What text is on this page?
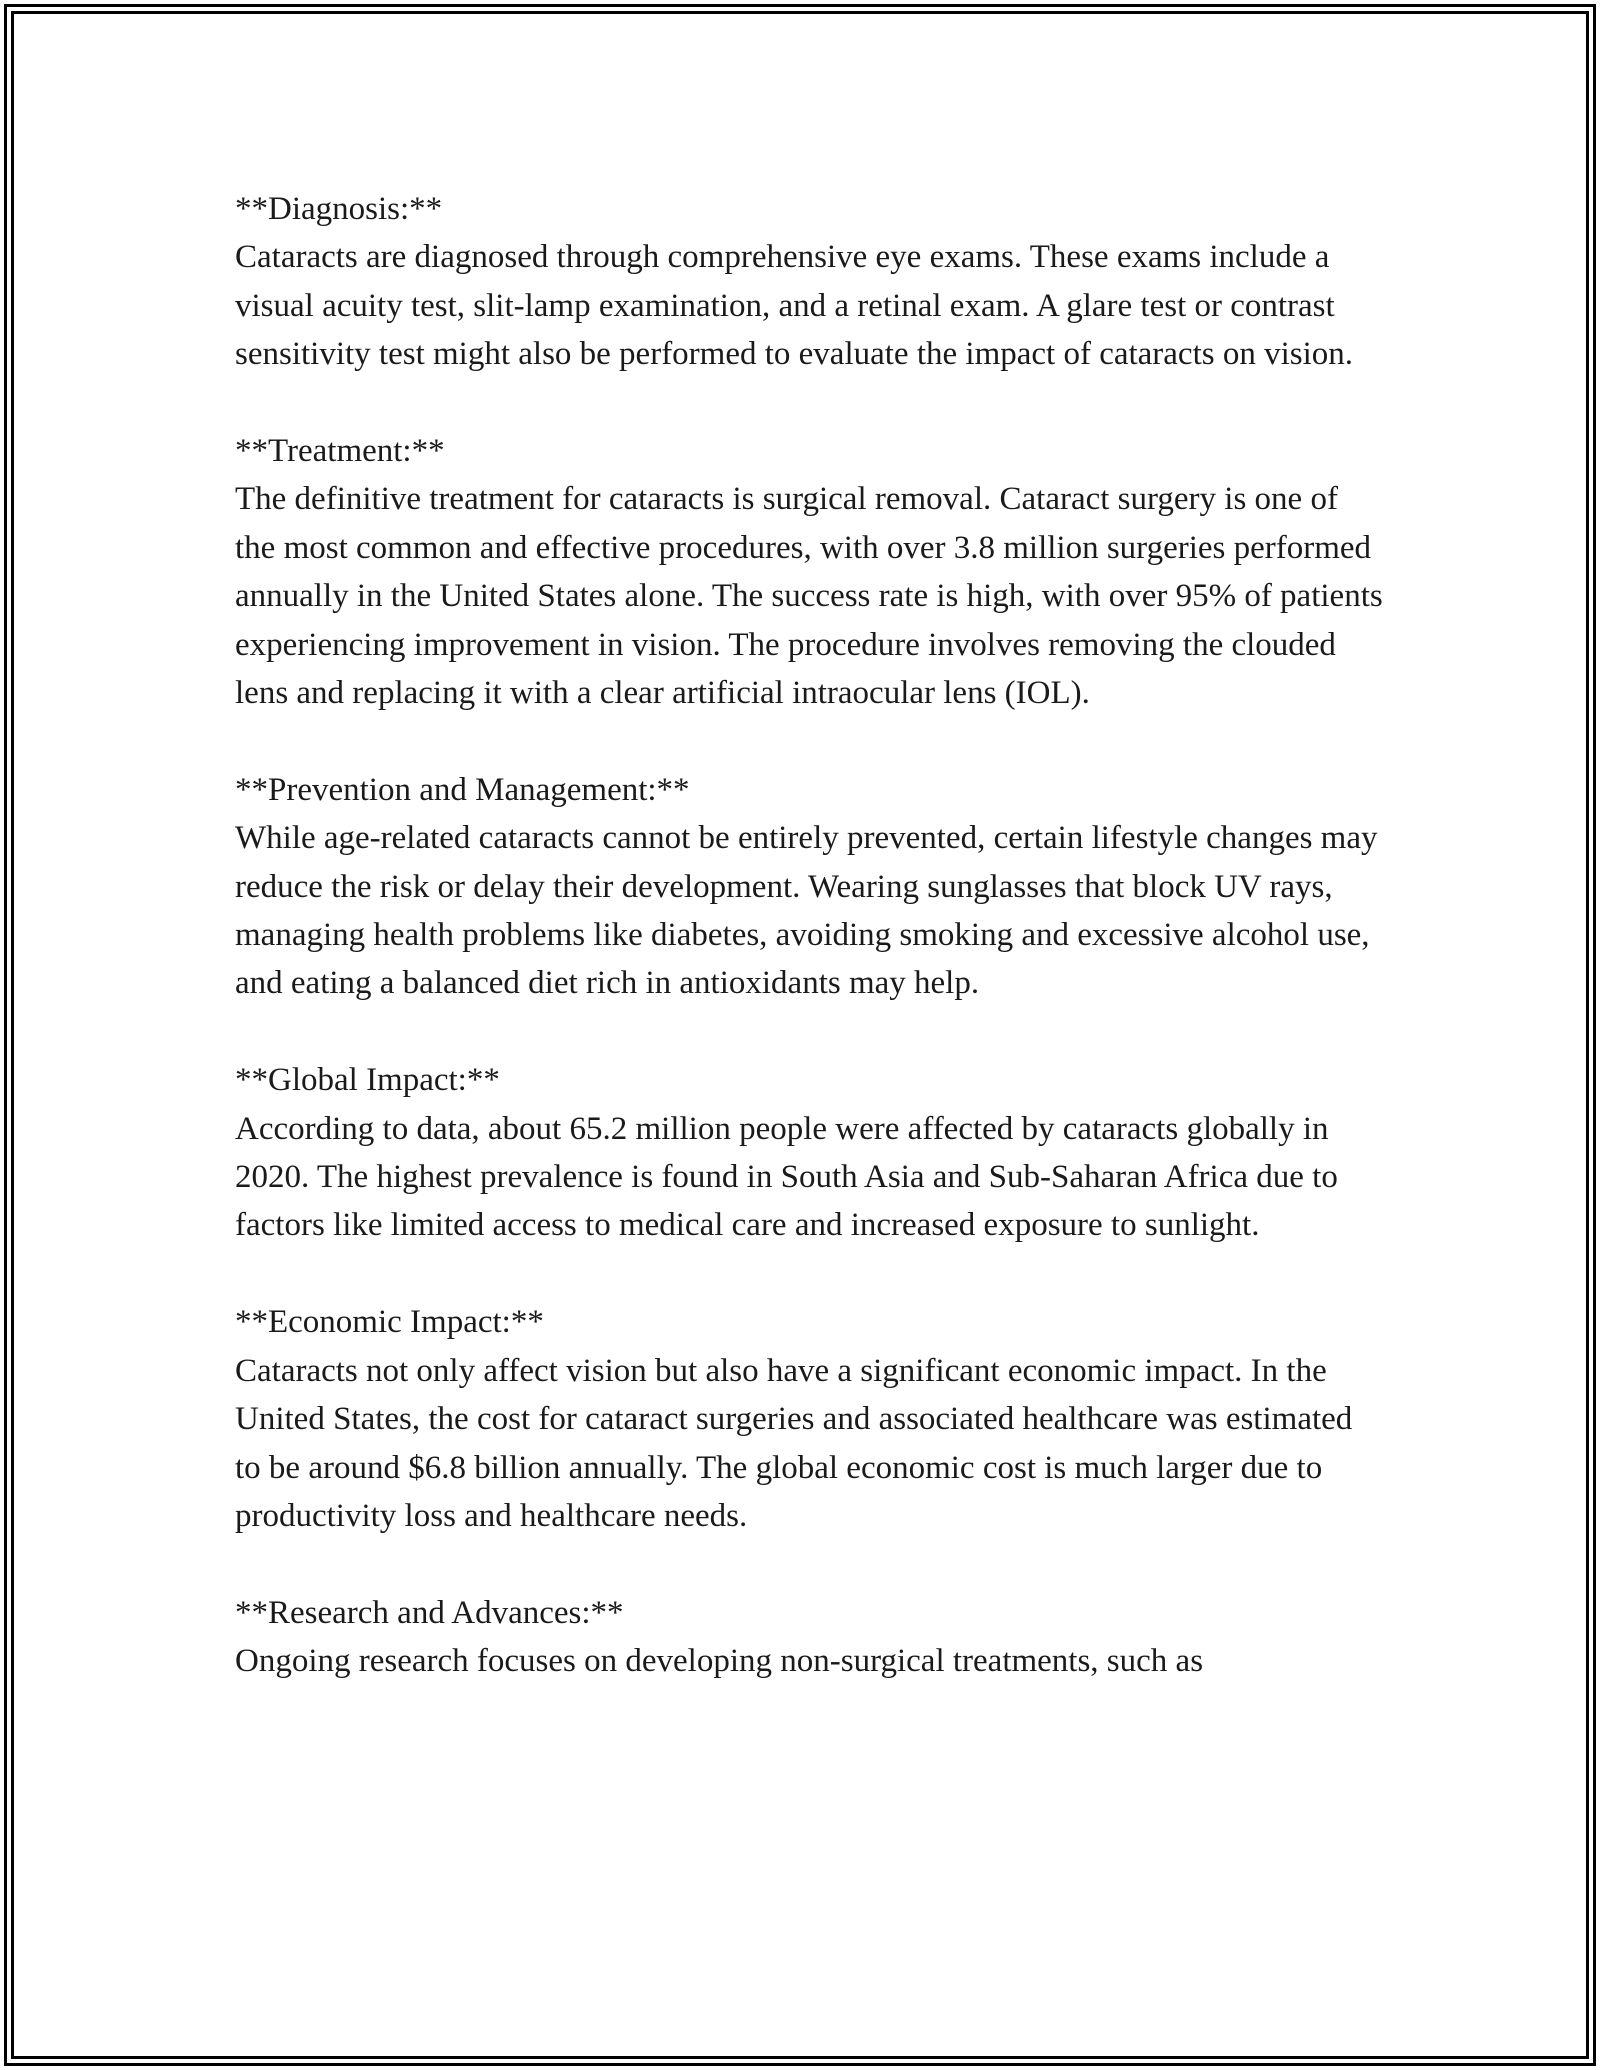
**Diagnosis:**

Cataracts are diagnosed through comprehensive eye exams. These exams include a visual acuity test, slit-lamp examination, and a retinal exam. A glare test or contrast sensitivity test might also be performed to evaluate the impact of cataracts on vision.

**Treatment:**

The definitive treatment for cataracts is surgical removal. Cataract surgery is one of the most common and effective procedures, with over 3.8 million surgeries performed annually in the United States alone. The success rate is high, with over 95% of patients experiencing improvement in vision. The procedure involves removing the clouded lens and replacing it with a clear artificial intraocular lens (IOL).

**Prevention and Management:**

While age-related cataracts cannot be entirely prevented, certain lifestyle changes may reduce the risk or delay their development. Wearing sunglasses that block UV rays, managing health problems like diabetes, avoiding smoking and excessive alcohol use, and eating a balanced diet rich in antioxidants may help.

**Global Impact:**

According to data, about 65.2 million people were affected by cataracts globally in 2020. The highest prevalence is found in South Asia and Sub-Saharan Africa due to factors like limited access to medical care and increased exposure to sunlight.

**Economic Impact:**

Cataracts not only affect vision but also have a significant economic impact. In the United States, the cost for cataract surgeries and associated healthcare was estimated to be around $6.8 billion annually. The global economic cost is much larger due to productivity loss and healthcare needs.

**Research and Advances:**

Ongoing research focuses on developing non-surgical treatments, such as
